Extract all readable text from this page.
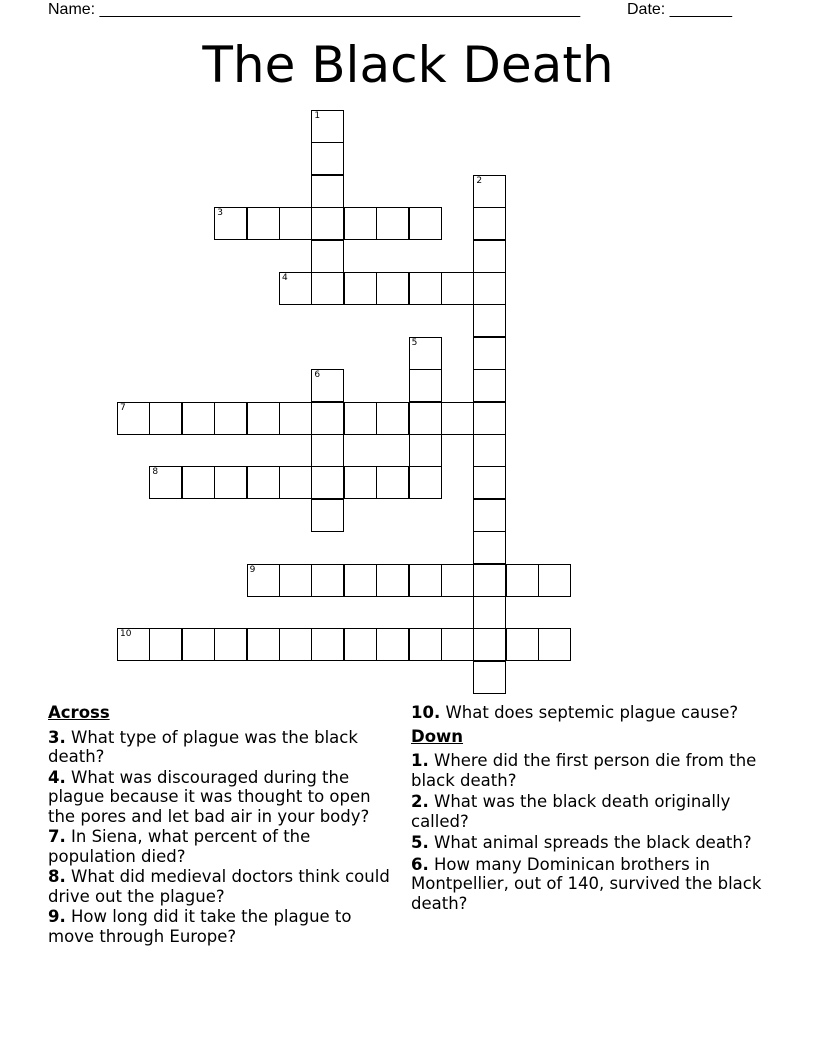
Name: ______________________________________________________	Date: _______
The Black Death
1
2
3
4
5
6
7
8
9
10
Across
3. What type of plague was the black death?
4. What was discouraged during the plague because it was thought to open the pores and let bad air in your body?
7. In Siena, what percent of the population died?
8. What did medieval doctors think could drive out the plague?
9. How long did it take the plague to move through Europe?
10. What does septemic plague cause?
Down
1. Where did the first person die from the black death?
2. What was the black death originally called?
5. What animal spreads the black death?
6. How many Dominican brothers in Montpellier, out of 140, survived the black death?
